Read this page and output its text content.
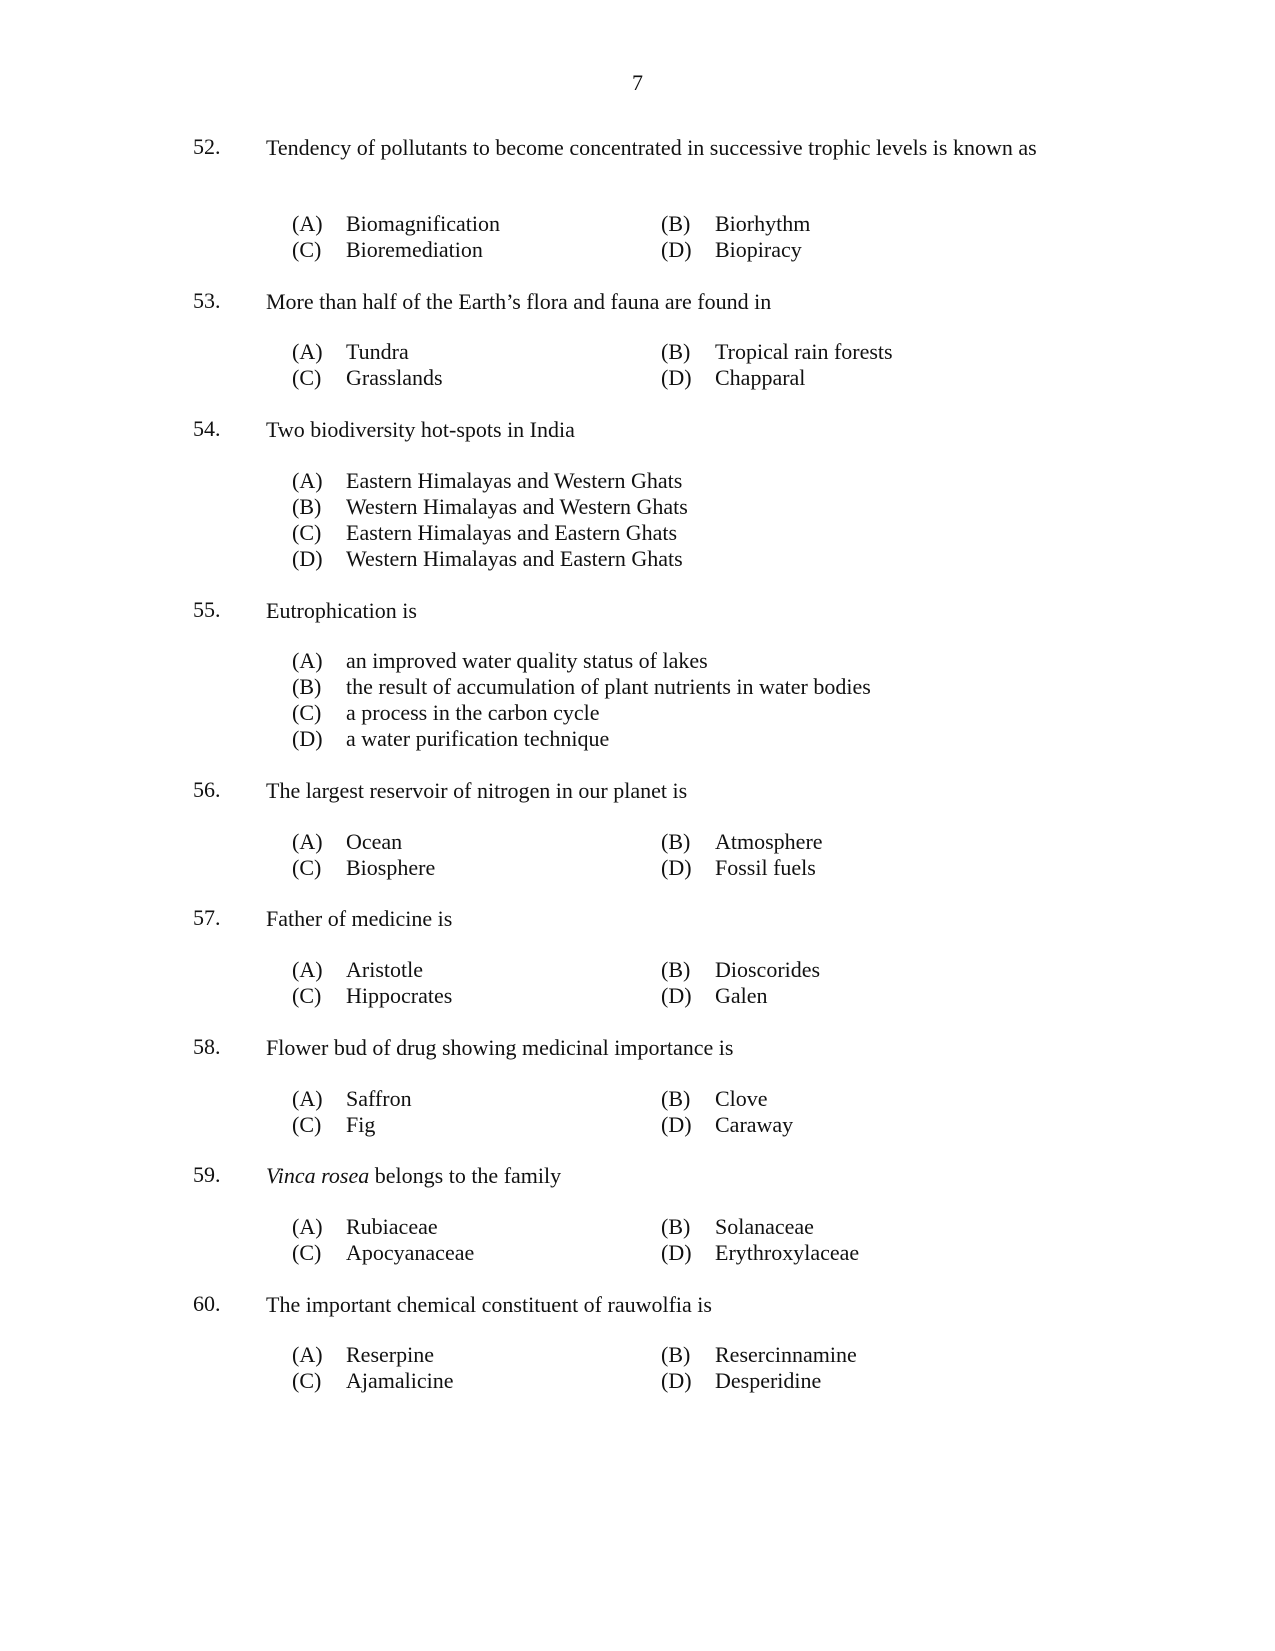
7
52. Tendency of pollutants to become concentrated in successive trophic levels is known as
(A) Biomagnification	(B) Biorhythm
(C) Bioremediation	(D) Biopiracy
53. More than half of the Earth’s flora and fauna are found in
(A) Tundra	(B) Tropical rain forests
(C) Grasslands	(D) Chapparal
54. Two biodiversity hot-spots in India
(A) Eastern Himalayas and Western Ghats
(B) Western Himalayas and Western Ghats
(C) Eastern Himalayas and Eastern Ghats
(D) Western Himalayas and Eastern Ghats
55. Eutrophication is
(A) an improved water quality status of lakes
(B) the result of accumulation of plant nutrients in water bodies
(C) a process in the carbon cycle
(D) a water purification technique
56. The largest reservoir of nitrogen in our planet is
(A) Ocean	(B) Atmosphere
(C) Biosphere	(D) Fossil fuels
57. Father of medicine is
(A) Aristotle	(B) Dioscorides
(C) Hippocrates	(D) Galen
58. Flower bud of drug showing medicinal importance is
(A) Saffron	(B) Clove
(C) Fig	(D) Caraway
59. Vinca rosea belongs to the family
(A) Rubiaceae	(B) Solanaceae
(C) Apocyanaceae	(D) Erythroxylaceae
60. The important chemical constituent of rauwolfia is
(A) Reserpine	(B) Resercinnamine
(C) Ajamalicine	(D) Desperidine
